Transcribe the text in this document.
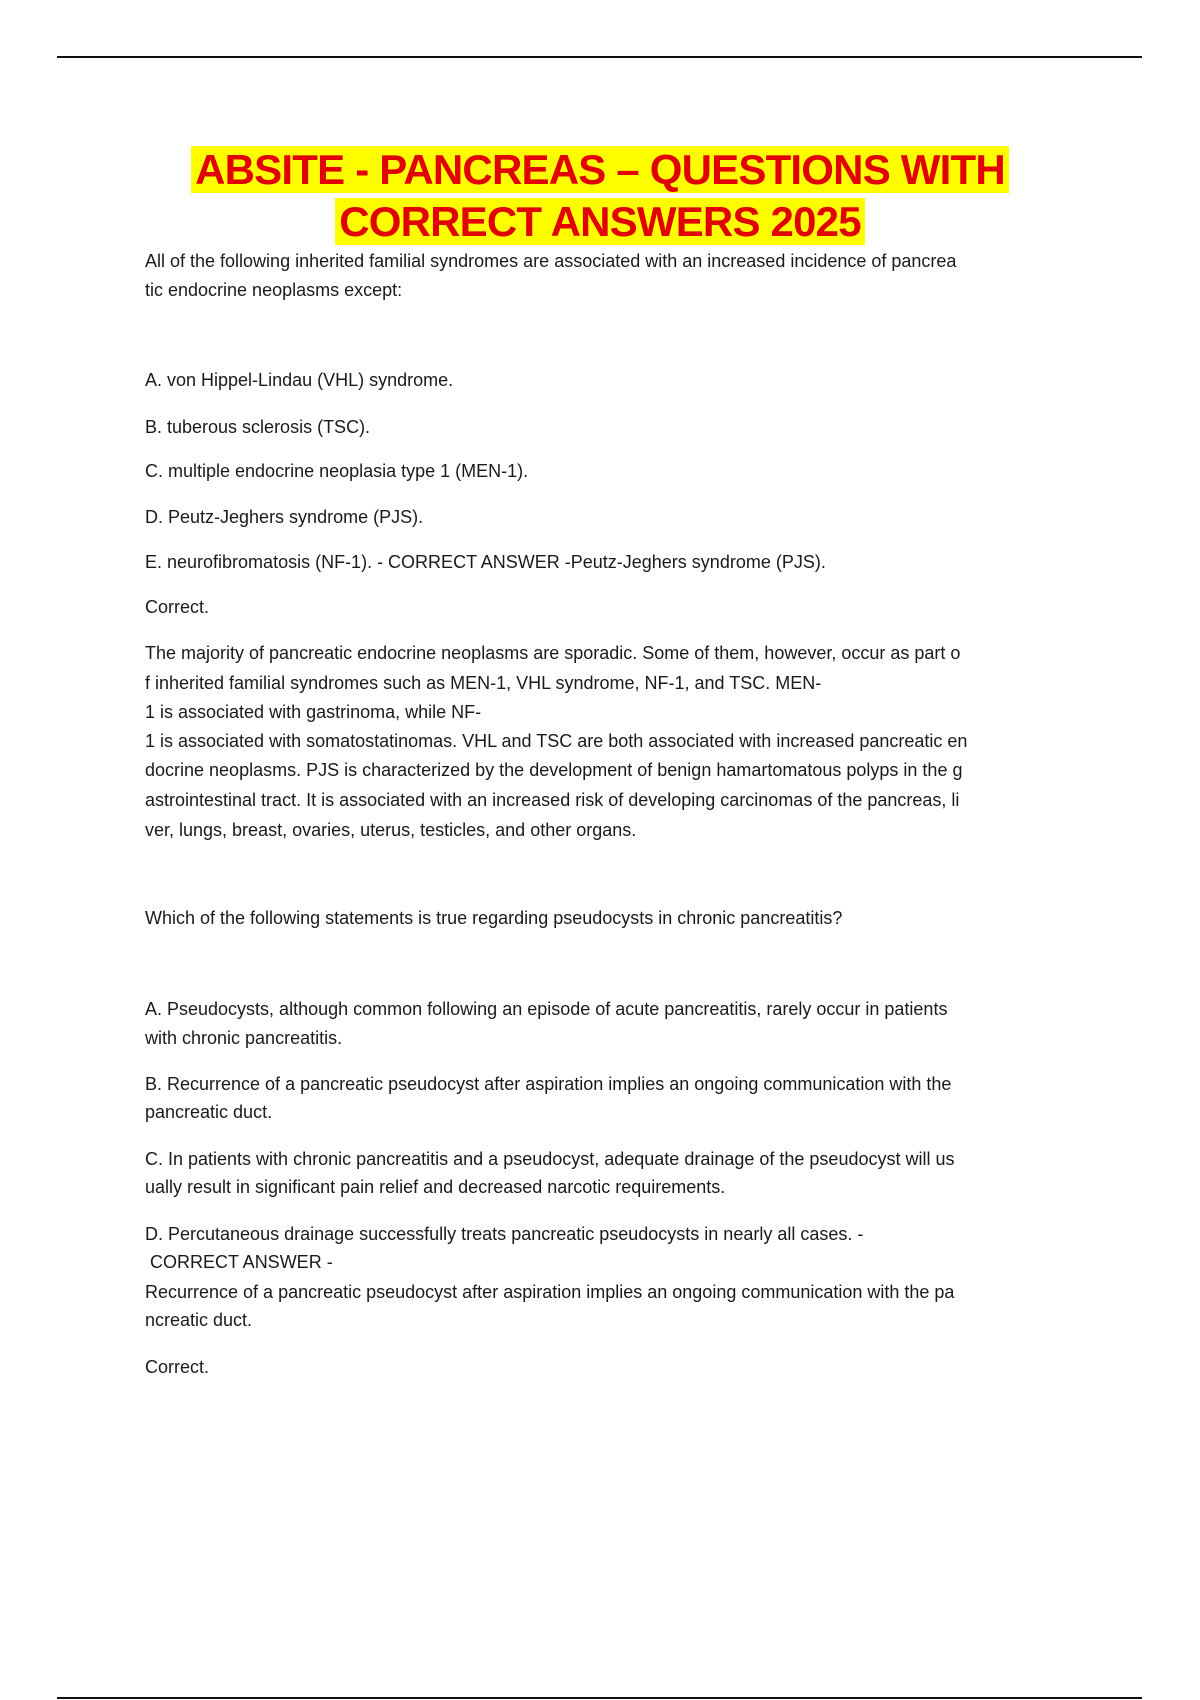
ABSITE - PANCREAS – QUESTIONS WITH
CORRECT ANSWERS 2025
All of the following inherited familial syndromes are associated with an increased incidence of pancrea
tic endocrine neoplasms except:
A. von Hippel-Lindau (VHL) syndrome.
B. tuberous sclerosis (TSC).
C. multiple endocrine neoplasia type 1 (MEN-1).
D. Peutz-Jeghers syndrome (PJS).
E. neurofibromatosis (NF-1). - CORRECT ANSWER -Peutz-Jeghers syndrome (PJS).
Correct.
The majority of pancreatic endocrine neoplasms are sporadic. Some of them, however, occur as part o
f inherited familial syndromes such as MEN-1, VHL syndrome, NF-1, and TSC. MEN-
1 is associated with gastrinoma, while NF-
1 is associated with somatostatinomas. VHL and TSC are both associated with increased pancreatic en
docrine neoplasms. PJS is characterized by the development of benign hamartomatous polyps in the g
astrointestinal tract. It is associated with an increased risk of developing carcinomas of the pancreas, li
ver, lungs, breast, ovaries, uterus, testicles, and other organs.
Which of the following statements is true regarding pseudocysts in chronic pancreatitis?
A. Pseudocysts, although common following an episode of acute pancreatitis, rarely occur in patients
with chronic pancreatitis.
B. Recurrence of a pancreatic pseudocyst after aspiration implies an ongoing communication with the
pancreatic duct.
C. In patients with chronic pancreatitis and a pseudocyst, adequate drainage of the pseudocyst will us
ually result in significant pain relief and decreased narcotic requirements.
D. Percutaneous drainage successfully treats pancreatic pseudocysts in nearly all cases. -
CORRECT ANSWER -
Recurrence of a pancreatic pseudocyst after aspiration implies an ongoing communication with the pa
ncreatic duct.
Correct.
